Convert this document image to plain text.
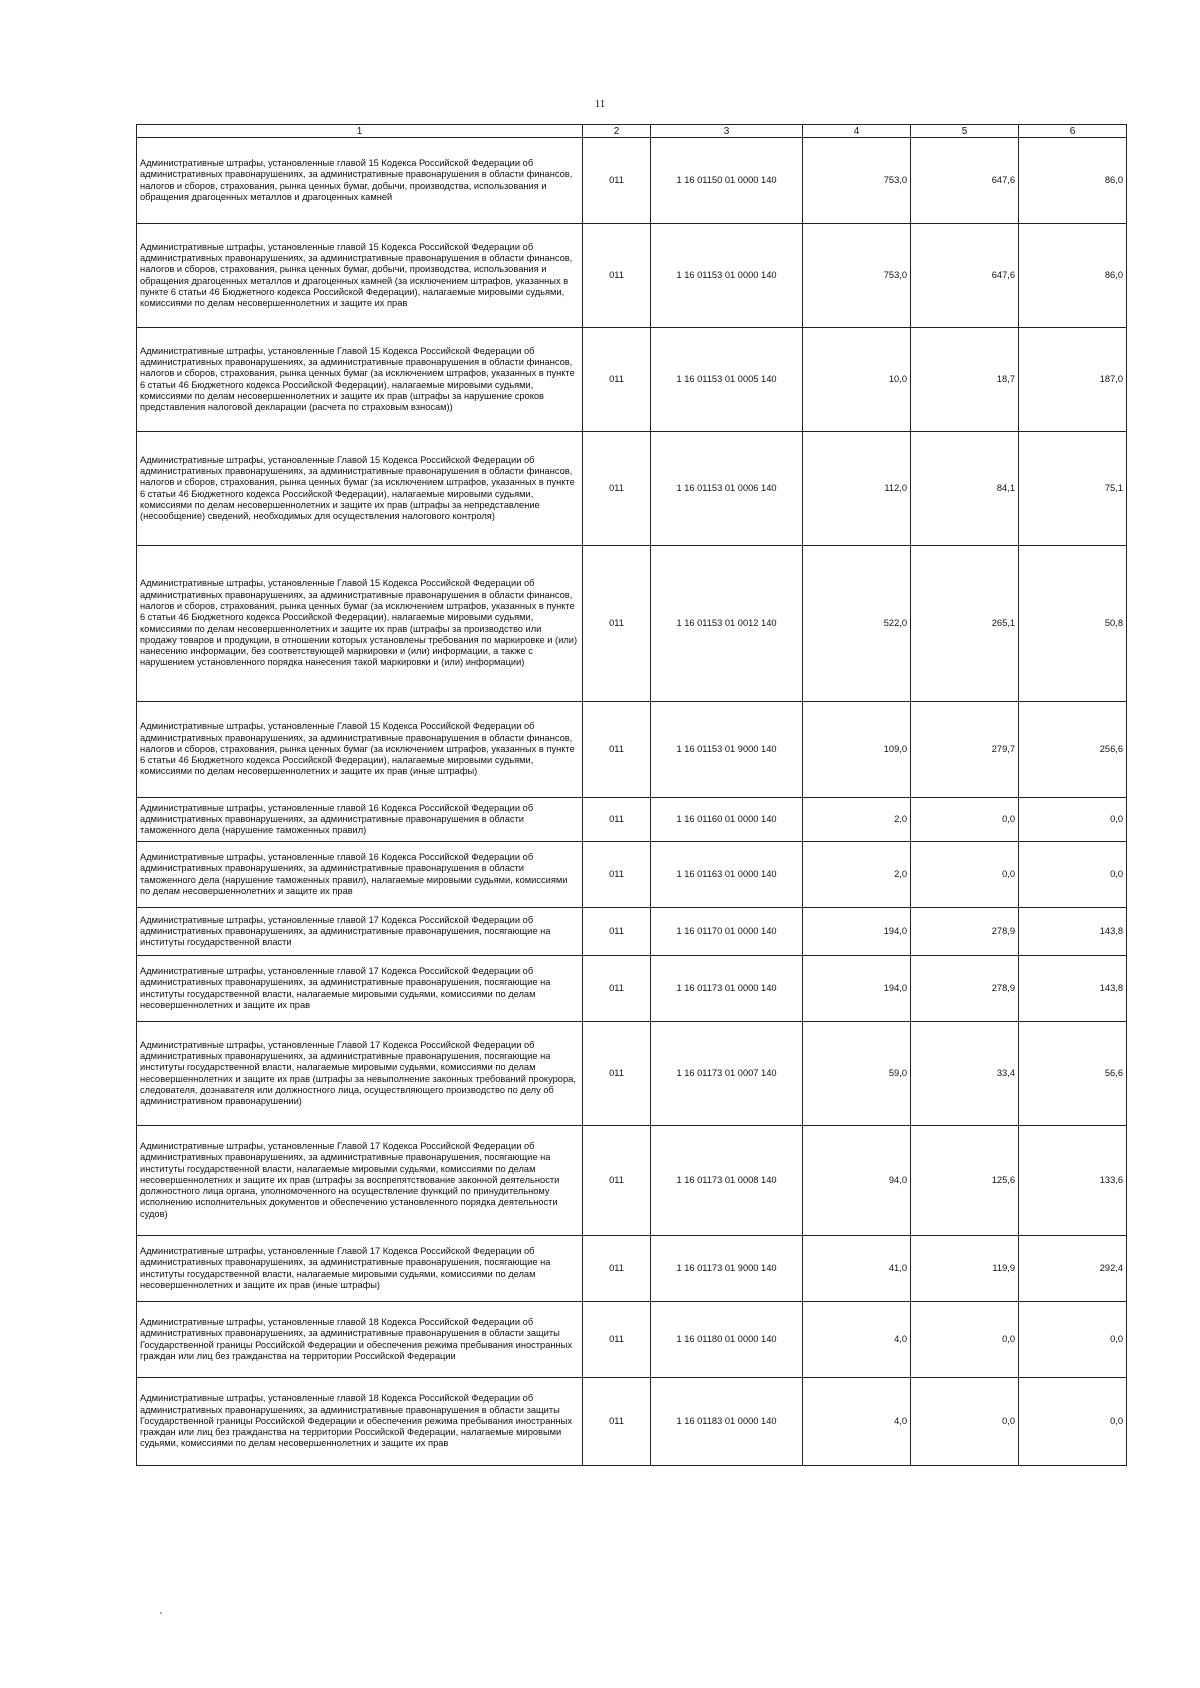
11
1	2	3	4	5	6
Административные штрафы, установленные главой 15 Кодекса Российской Федерации об административных правонарушениях, за административные правонарушения в области финансов, налогов и сборов, страхования, рынка ценных бумаг, добычи, производства, использования и обращения драгоценных металлов и драгоценных камней	011	1 16 01150 01 0000 140	753,0	647,6	86,0
Административные штрафы, установленные главой 15 Кодекса Российской Федерации об административных правонарушениях, за административные правонарушения в области финансов, налогов и сборов, страхования, рынка ценных бумаг, добычи, производства, использования и обращения драгоценных металлов и драгоценных камней (за исключением штрафов, указанных в пункте 6 статьи 46 Бюджетного кодекса Российской Федерации), налагаемые мировыми судьями, комиссиями по делам несовершеннолетних и защите их прав	011	1 16 01153 01 0000 140	753,0	647,6	86,0
Административные штрафы, установленные Главой 15 Кодекса Российской Федерации об административных правонарушениях, за административные правонарушения в области финансов, налогов и сборов, страхования, рынка ценных бумаг (за исключением штрафов, указанных в пункте 6 статьи 46 Бюджетного кодекса Российской Федерации), налагаемые мировыми судьями, комиссиями по делам несовершеннолетних и защите их прав (штрафы за нарушение сроков представления налоговой декларации (расчета по страховым взносам))	011	1 16 01153 01 0005 140	10,0	18,7	187,0
Административные штрафы, установленные Главой 15 Кодекса Российской Федерации об административных правонарушениях, за административные правонарушения в области финансов, налогов и сборов, страхования, рынка ценных бумаг (за исключением штрафов, указанных в пункте 6 статьи 46 Бюджетного кодекса Российской Федерации), налагаемые мировыми судьями, комиссиями по делам несовершеннолетних и защите их прав (штрафы за непредставление (несообщение) сведений, необходимых для осуществления налогового контроля)	011	1 16 01153 01 0006 140	112,0	84,1	75,1
Административные штрафы, установленные Главой 15 Кодекса Российской Федерации об административных правонарушениях, за административные правонарушения в области финансов, налогов и сборов, страхования, рынка ценных бумаг (за исключением штрафов, указанных в пункте 6 статьи 46 Бюджетного кодекса Российской Федерации), налагаемые мировыми судьями, комиссиями по делам несовершеннолетних и защите их прав (штрафы за производство или продажу товаров и продукции, в отношении которых установлены требования по маркировке и (или) нанесению информации, без соответствующей маркировки и (или) информации, а также с нарушением установленного порядка нанесения такой маркировки и (или) информации)	011	1 16 01153 01 0012 140	522,0	265,1	50,8
Административные штрафы, установленные Главой 15 Кодекса Российской Федерации об административных правонарушениях, за административные правонарушения в области финансов, налогов и сборов, страхования, рынка ценных бумаг (за исключением штрафов, указанных в пункте 6 статьи 46 Бюджетного кодекса Российской Федерации), налагаемые мировыми судьями, комиссиями по делам несовершеннолетних и защите их прав (иные штрафы)	011	1 16 01153 01 9000 140	109,0	279,7	256,6
Административные штрафы, установленные главой 16 Кодекса Российской Федерации об административных правонарушениях, за административные правонарушения в области таможенного дела (нарушение таможенных правил)	011	1 16 01160 01 0000 140	2,0	0,0	0,0
Административные штрафы, установленные главой 16 Кодекса Российской Федерации об административных правонарушениях, за административные правонарушения в области таможенного дела (нарушение таможенных правил), налагаемые мировыми судьями, комиссиями по делам несовершеннолетних и защите их прав	011	1 16 01163 01 0000 140	2,0	0,0	0,0
Административные штрафы, установленные главой 17 Кодекса Российской Федерации об административных правонарушениях, за административные правонарушения, посягающие на институты государственной власти	011	1 16 01170 01 0000 140	194,0	278,9	143,8
Административные штрафы, установленные главой 17 Кодекса Российской Федерации об административных правонарушениях, за административные правонарушения, посягающие на институты государственной власти, налагаемые мировыми судьями, комиссиями по делам несовершеннолетних и защите их прав	011	1 16 01173 01 0000 140	194,0	278,9	143,8
Административные штрафы, установленные Главой 17 Кодекса Российской Федерации об административных правонарушениях, за административные правонарушения, посягающие на институты государственной власти, налагаемые мировыми судьями, комиссиями по делам несовершеннолетних и защите их прав (штрафы за невыполнение законных требований прокурора, следователя, дознавателя или должностного лица, осуществляющего производство по делу об административном правонарушении)	011	1 16 01173 01 0007 140	59,0	33,4	56,6
Административные штрафы, установленные Главой 17 Кодекса Российской Федерации об административных правонарушениях, за административные правонарушения, посягающие на институты государственной власти, налагаемые мировыми судьями, комиссиями по делам несовершеннолетних и защите их прав (штрафы за воспрепятствование законной деятельности должностного лица органа, уполномоченного на осуществление функций по принудительному исполнению исполнительных документов и обеспечению установленного порядка деятельности судов)	011	1 16 01173 01 0008 140	94,0	125,6	133,6
Административные штрафы, установленные Главой 17 Кодекса Российской Федерации об административных правонарушениях, за административные правонарушения, посягающие на институты государственной власти, налагаемые мировыми судьями, комиссиями по делам несовершеннолетних и защите их прав (иные штрафы)	011	1 16 01173 01 9000 140	41,0	119,9	292,4
Административные штрафы, установленные главой 18 Кодекса Российской Федерации об административных правонарушениях, за административные правонарушения в области защиты Государственной границы Российской Федерации и обеспечения режима пребывания иностранных граждан или лиц без гражданства на территории Российской Федерации	011	1 16 01180 01 0000 140	4,0	0,0	0,0
Административные штрафы, установленные главой 18 Кодекса Российской Федерации об административных правонарушениях, за административные правонарушения в области защиты Государственной границы Российской Федерации и обеспечения режима пребывания иностранных граждан или лиц без гражданства на территории Российской Федерации, налагаемые мировыми судьями, комиссиями по делам несовершеннолетних и защите их прав	011	1 16 01183 01 0000 140	4,0	0,0	0,0
